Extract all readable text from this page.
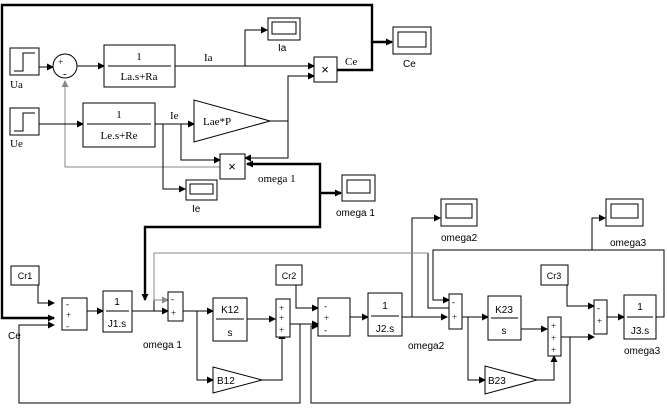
Ua
Ue
+
-
1
La.s+Ra
Ia
1
Le.s+Re
Ie Lae*P
× Ce
×
omega 1
Ia
Ce
Ie	omega 1
omega2	omega3
Cr1	Cr2	Cr3
Ce
-
+
-
1
J1.s
omega 1
-
+	K12
s
B12
+
+
+
-
+
-
1
J2.s
omega2
-
+
K23
s
B23
+
+
+
-
+
1
J3.s
omega3
